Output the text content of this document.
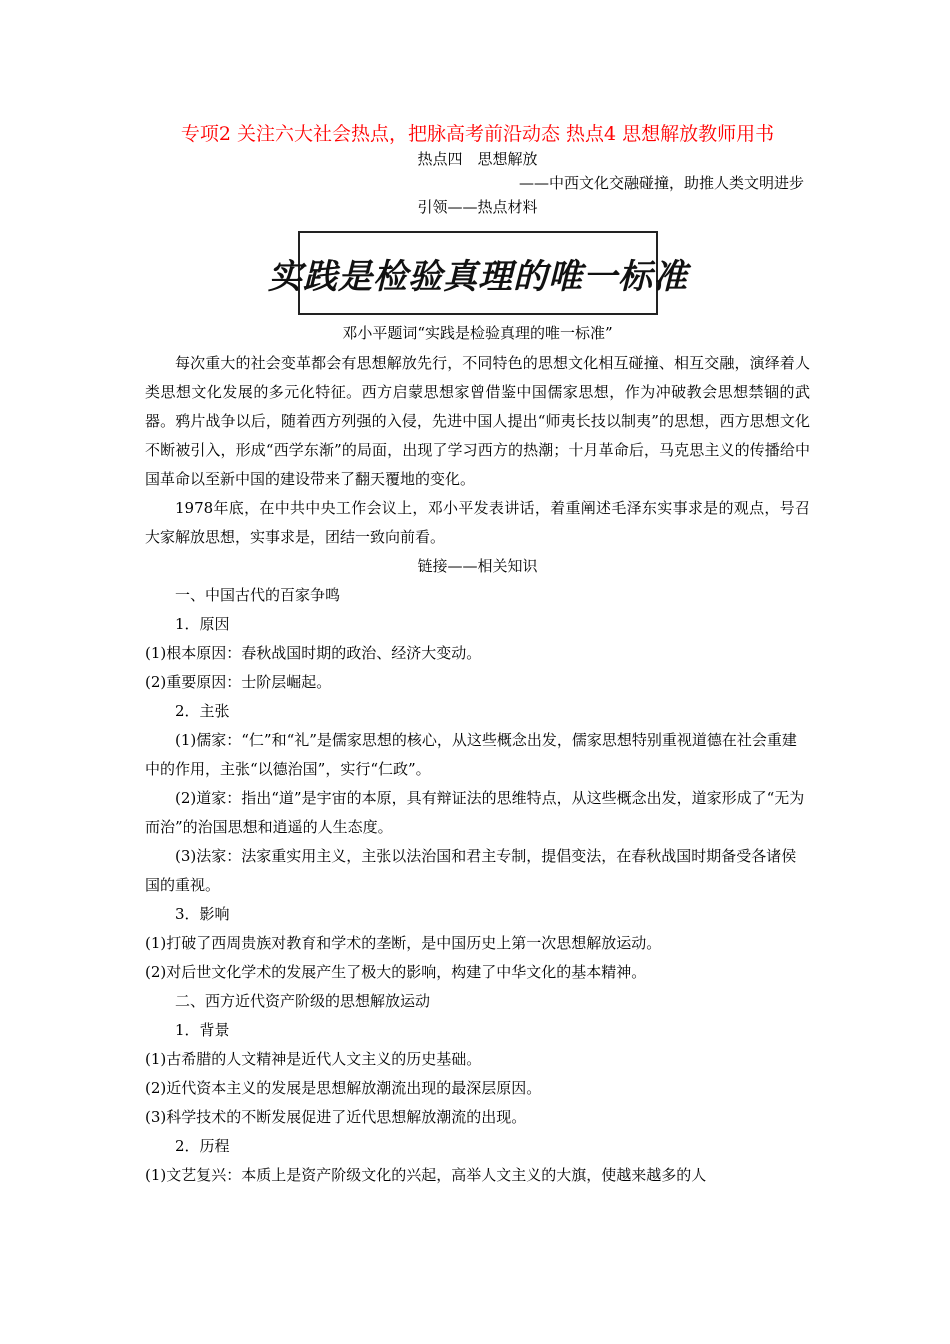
专项2 关注六大社会热点，把脉高考前沿动态 热点4 思想解放教师用书

热点四　思想解放

——中西文化交融碰撞，助推人类文明进步

引领——热点材料

实践是检验真理的唯一标准

邓小平题词“实践是检验真理的唯一标准”

每次重大的社会变革都会有思想解放先行，不同特色的思想文化相互碰撞、相互交融，演绎着人类思想文化发展的多元化特征。西方启蒙思想家曾借鉴中国儒家思想，作为冲破教会思想禁锢的武器。鸦片战争以后，随着西方列强的入侵，先进中国人提出“师夷长技以制夷”的思想，西方思想文化不断被引入，形成“西学东渐”的局面，出现了学习西方的热潮；十月革命后，马克思主义的传播给中国革命以至新中国的建设带来了翻天覆地的变化。

1978年底，在中共中央工作会议上，邓小平发表讲话，着重阐述毛泽东实事求是的观点，号召大家解放思想，实事求是，团结一致向前看。

链接——相关知识

一、中国古代的百家争鸣

1．原因

(1)根本原因：春秋战国时期的政治、经济大变动。

(2)重要原因：士阶层崛起。

2．主张

(1)儒家：“仁”和“礼”是儒家思想的核心，从这些概念出发，儒家思想特别重视道德在社会重建中的作用，主张“以德治国”，实行“仁政”。

(2)道家：指出“道”是宇宙的本原，具有辩证法的思维特点，从这些概念出发，道家形成了“无为而治”的治国思想和逍遥的人生态度。

(3)法家：法家重实用主义，主张以法治国和君主专制，提倡变法，在春秋战国时期备受各诸侯国的重视。

3．影响

(1)打破了西周贵族对教育和学术的垄断，是中国历史上第一次思想解放运动。

(2)对后世文化学术的发展产生了极大的影响，构建了中华文化的基本精神。

二、西方近代资产阶级的思想解放运动

1．背景

(1)古希腊的人文精神是近代人文主义的历史基础。

(2)近代资本主义的发展是思想解放潮流出现的最深层原因。

(3)科学技术的不断发展促进了近代思想解放潮流的出现。

2．历程

(1)文艺复兴：本质上是资产阶级文化的兴起，高举人文主义的大旗，使越来越多的人
